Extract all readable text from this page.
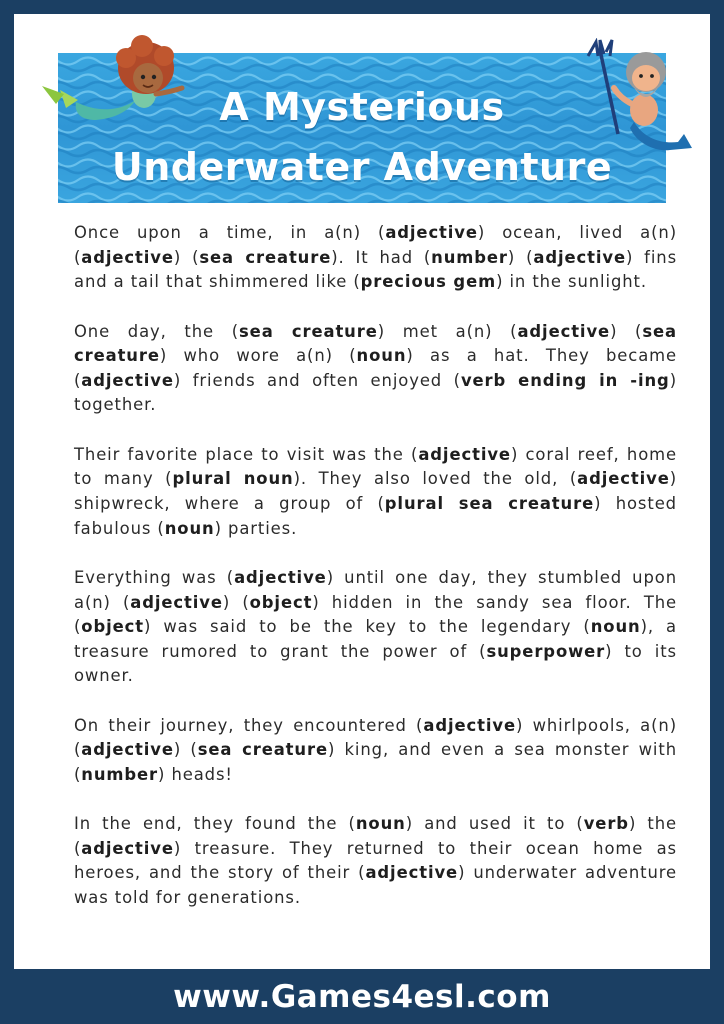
A Mysterious
Underwater Adventure

Once upon a time, in a(n) (adjective) ocean, lived a(n) (adjective) (sea creature). It had (number) (adjective) fins and a tail that shimmered like (precious gem) in the sunlight.

One day, the (sea creature) met a(n) (adjective) (sea creature) who wore a(n) (noun) as a hat. They became (adjective) friends and often enjoyed (verb ending in -ing) together.

Their favorite place to visit was the (adjective) coral reef, home to many (plural noun). They also loved the old, (adjective) shipwreck, where a group of (plural sea creature) hosted fabulous (noun) parties.

Everything was (adjective) until one day, they stumbled upon a(n) (adjective) (object) hidden in the sandy sea floor. The (object) was said to be the key to the legendary (noun), a treasure rumored to grant the power of (superpower) to its owner.

On their journey, they encountered (adjective) whirlpools, a(n) (adjective) (sea creature) king, and even a sea monster with (number) heads!

In the end, they found the (noun) and used it to (verb) the (adjective) treasure. They returned to their ocean home as heroes, and the story of their (adjective) underwater adventure was told for generations.

www.Games4esl.com
